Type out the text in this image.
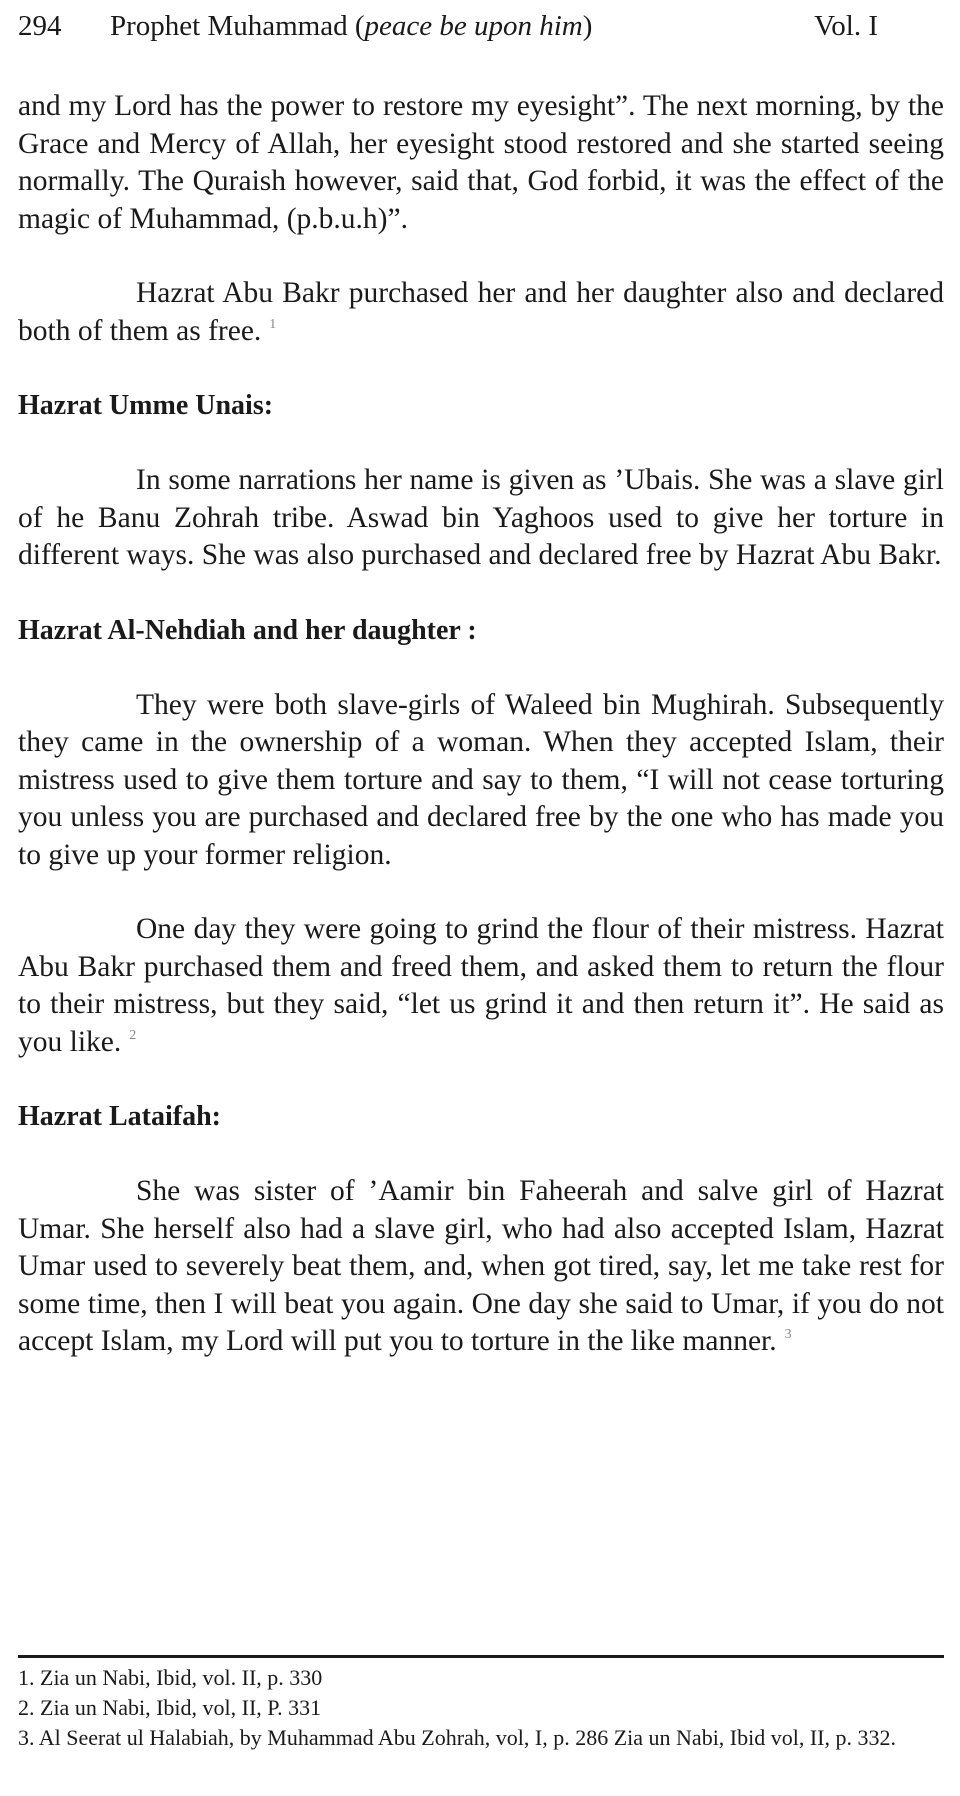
294 Prophet Muhammad (peace be upon him)	Vol. I

and my Lord has the power to restore my eyesight”. The next morning, by the Grace and Mercy of Allah, her eyesight stood restored and she started seeing normally. The Quraish however, said that, God forbid, it was the effect of the magic of Muhammad, (p.b.u.h)”.

Hazrat Abu Bakr purchased her and her daughter also and declared both of them as free. $^1$

Hazrat Umme Unais:

In some narrations her name is given as ’Ubais. She was a slave girl of he Banu Zohrah tribe. Aswad bin Yaghoos used to give her torture in different ways. She was also purchased and declared free by Hazrat Abu Bakr.

Hazrat Al-Nehdiah and her daughter :

They were both slave-girls of Waleed bin Mughirah. Subsequently they came in the ownership of a woman. When they accepted Islam, their mistress used to give them torture and say to them, “I will not cease torturing you unless you are purchased and declared free by the one who has made you to give up your former religion.

One day they were going to grind the flour of their mistress. Hazrat Abu Bakr purchased them and freed them, and asked them to return the flour to their mistress, but they said, “let us grind it and then return it”. He said as you like. $^2$

Hazrat Lataifah:

She was sister of ’Aamir bin Faheerah and salve girl of Hazrat Umar. She herself also had a slave girl, who had also accepted Islam, Hazrat Umar used to severely beat them, and, when got tired, say, let me take rest for some time, then I will beat you again. One day she said to Umar, if you do not accept Islam, my Lord will put you to torture in the like manner. $^3$

1. Zia un Nabi, Ibid, vol. II, p. 330

2. Zia un Nabi, Ibid, vol, II, P. 331

3. Al Seerat ul Halabiah, by Muhammad Abu Zohrah, vol, I, p. 286 Zia un Nabi, Ibid vol, II, p. 332.
